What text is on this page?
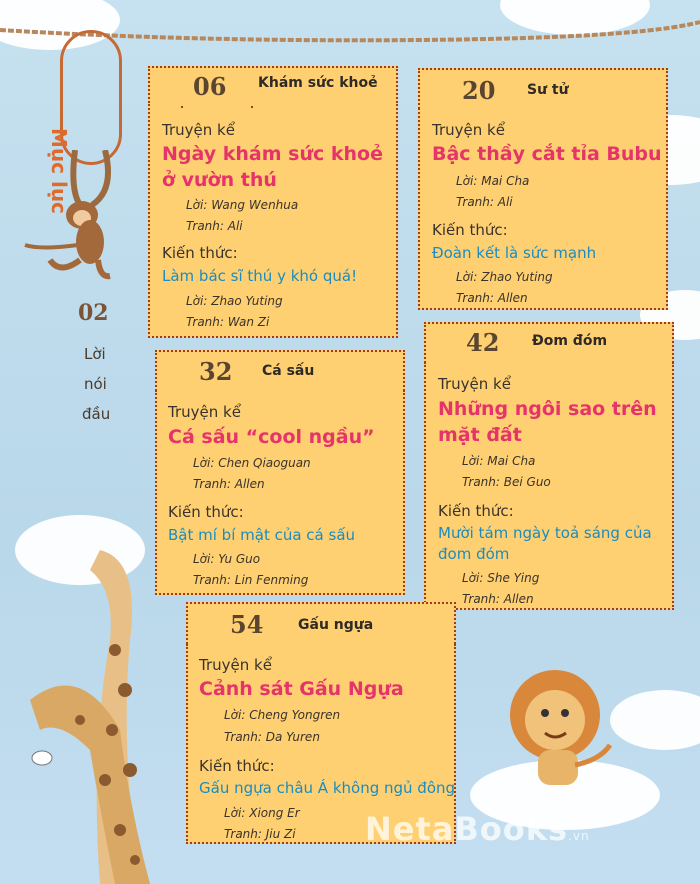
Mục lục
02
Lời
nói
đầu
06 Khám sức khoẻ
Truyện kể
Ngày khám sức khoẻ
ở vườn thú
Lời: Wang Wenhua
Tranh: Ali
Kiến thức:
Làm bác sĩ thú y khó quá!
Lời: Zhao Yuting
Tranh: Wan Zi
20 Sư tử
Truyện kể
Bậc thầy cắt tỉa Bubu
Lời: Mai Cha
Tranh: Ali
Kiến thức:
Đoàn kết là sức mạnh
Lời: Zhao Yuting
Tranh: Allen
32 Cá sấu
Truyện kể
Cá sấu “cool ngầu”
Lời: Chen Qiaoguan
Tranh: Allen
Kiến thức:
Bật mí bí mật của cá sấu
Lời: Yu Guo
Tranh: Lin Fenming
42 Đom đóm
Truyện kể
Những ngôi sao trên
mặt đất
Lời: Mai Cha
Tranh: Bei Guo
Kiến thức:
Mười tám ngày toả sáng của
đom đóm
Lời: She Ying
Tranh: Allen
54 Gấu ngựa
Truyện kể
Cảnh sát Gấu Ngựa
Lời: Cheng Yongren
Tranh: Da Yuren
Kiến thức:
Gấu ngựa châu Á không ngủ đông
Lời: Xiong Er
Tranh: Jiu Zi NetaBooks.vn
